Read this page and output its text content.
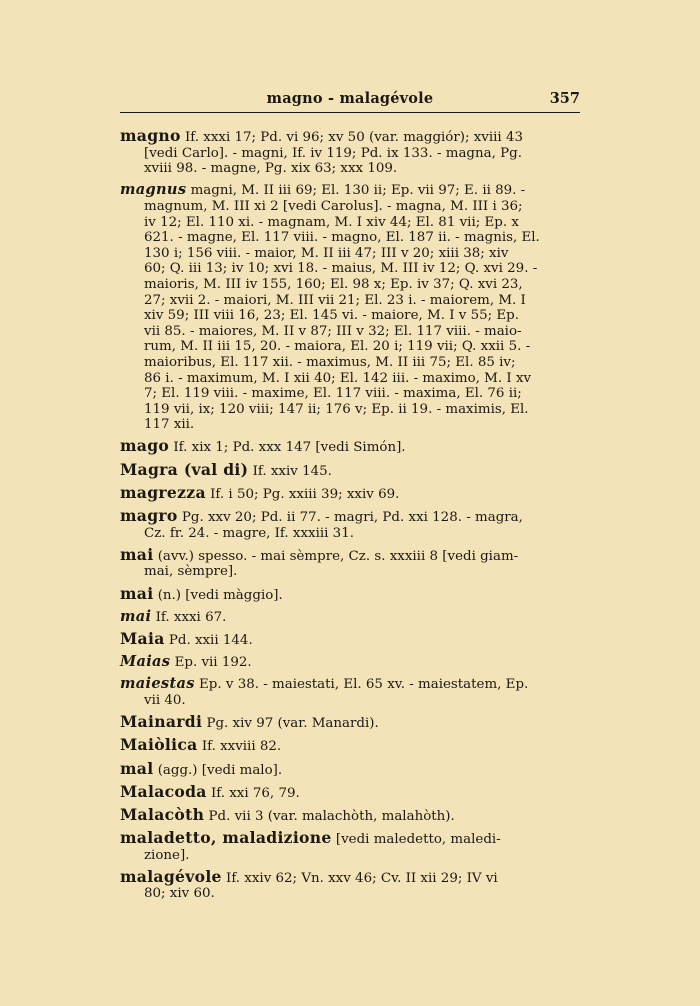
magno - malagévole	357
magno If. xxxi 17; Pd. vi 96; xv 50 (var. maggiór); xviii 43
[vedi Carlo]. - magni, If. iv 119; Pd. ix 133. - magna, Pg.
xviii 98. - magne, Pg. xix 63; xxx 109.
magnus magni, M. II iii 69; El. 130 ii; Ep. vii 97; E. ii 89. -
magnum, M. III xi 2 [vedi Carolus]. - magna, M. III i 36;
iv 12; El. 110 xi. - magnam, M. I xiv 44; El. 81 vii; Ep. x
621. - magne, El. 117 viii. - magno, El. 187 ii. - magnis, El.
130 i; 156 viii. - maior, M. II iii 47; III v 20; xiii 38; xiv
60; Q. iii 13; iv 10; xvi 18. - maius, M. III iv 12; Q. xvi 29. -
maioris, M. III iv 155, 160; El. 98 x; Ep. iv 37; Q. xvi 23,
27; xvii 2. - maiori, M. III vii 21; El. 23 i. - maiorem, M. I
xiv 59; III viii 16, 23; El. 145 vi. - maiore, M. I v 55; Ep.
vii 85. - maiores, M. II v 87; III v 32; El. 117 viii. - maio-
rum, M. II iii 15, 20. - maiora, El. 20 i; 119 vii; Q. xxii 5. -
maioribus, El. 117 xii. - maximus, M. II iii 75; El. 85 iv;
86 i. - maximum, M. I xii 40; El. 142 iii. - maximo, M. I xv
7; El. 119 viii. - maxime, El. 117 viii. - maxima, El. 76 ii;
119 vii, ix; 120 viii; 147 ii; 176 v; Ep. ii 19. - maximis, El.
117 xii.
mago If. xix 1; Pd. xxx 147 [vedi Simón].
Magra (val di) If. xxiv 145.
magrezza If. i 50; Pg. xxiii 39; xxiv 69.
magro Pg. xxv 20; Pd. ii 77. - magri, Pd. xxi 128. - magra,
Cz. fr. 24. - magre, If. xxxiii 31.
mai (avv.) spesso. - mai sèmpre, Cz. s. xxxiii 8 [vedi giam-
mai, sèmpre].
mai (n.) [vedi màggio].
mai If. xxxi 67.
Maia Pd. xxii 144.
Maias Ep. vii 192.
maiestas Ep. v 38. - maiestati, El. 65 xv. - maiestatem, Ep.
vii 40.
Mainardi Pg. xiv 97 (var. Manardi).
Maiòlica If. xxviii 82.
mal (agg.) [vedi malo].
Malacoda If. xxi 76, 79.
Malacòth Pd. vii 3 (var. malachòth, malahòth).
maladetto, maladizione [vedi maledetto, maledi-
zione].
malagévole If. xxiv 62; Vn. xxv 46; Cv. II xii 29; IV vi
80; xiv 60.
